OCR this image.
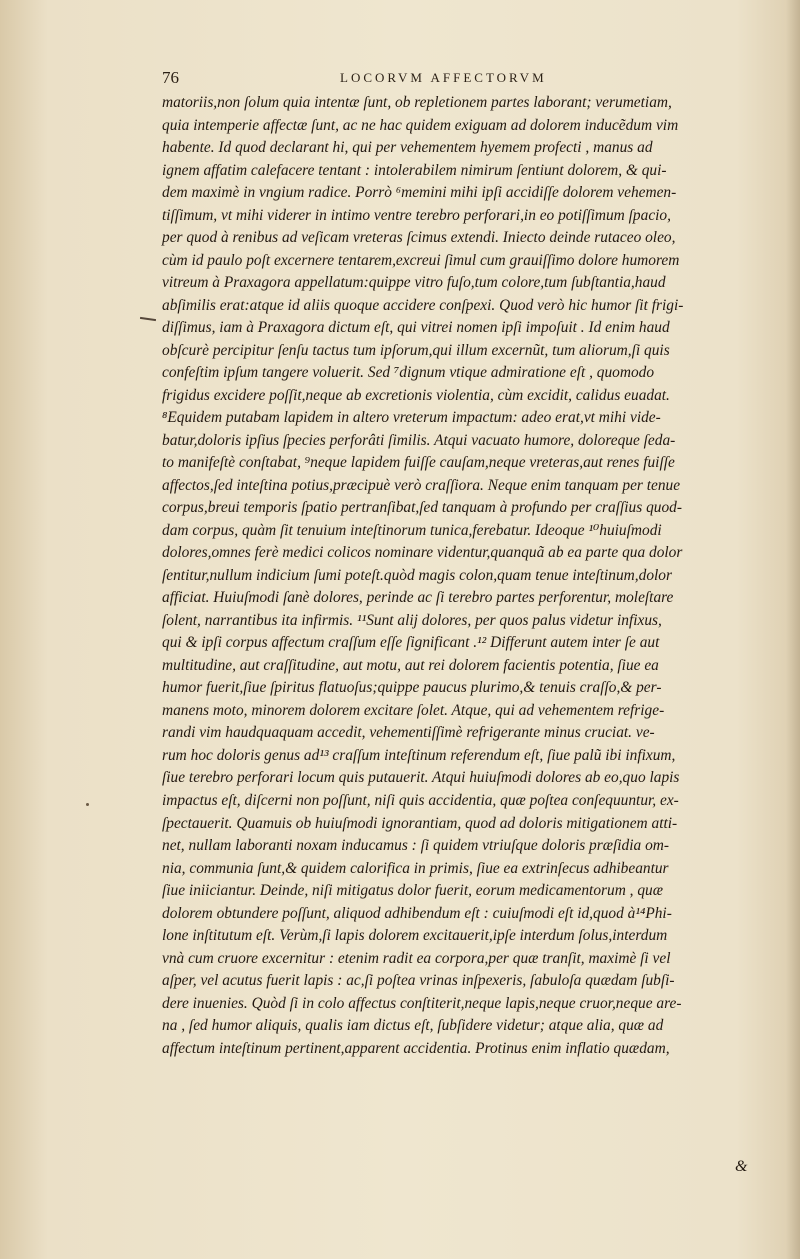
76	LOCORVM AFFECTORVM
matoriis,non ſolum quia intentæ ſunt, ob repletionem partes laborant; verumetiam,
quia intemperie affectæ ſunt, ac ne hac quidem exiguam ad dolorem inducẽdum vim
habente. Id quod declarant hi, qui per vehementem hyemem profecti , manus ad
ignem affatim calefacere tentant : intolerabilem nimirum ſentiunt dolorem, & qui-
dem maximè in vngium radice. Porrò ⁶memini mihi ipſi accidiſſe dolorem vehemen-
tiſſimum, vt mihi viderer in intimo ventre terebro perforari,in eo potiſſimum ſpacio,
per quod à renibus ad veſicam vreteras ſcimus extendi. Iniecto deinde rutaceo oleo,
cùm id paulo poſt excernere tentarem,excreui ſimul cum grauiſſimo dolore humorem
vitreum à Praxagora appellatum:quippe vitro fuſo,tum colore,tum ſubſtantia,haud
abſimilis erat:atque id aliis quoque accidere conſpexi. Quod verò hic humor ſit frigi-
diſſimus, iam à Praxagora dictum eſt, qui vitrei nomen ipſi impoſuit . Id enim haud
obſcurè percipitur ſenſu tactus tum ipſorum,qui illum excernũt, tum aliorum,ſi quis
confeſtim ipſum tangere voluerit. Sed ⁷dignum vtique admiratione eſt , quomodo
frigidus excidere poſſit,neque ab excretionis violentia, cùm excidit, calidus euadat.
⁸Equidem putabam lapidem in altero vreterum impactum: adeo erat,vt mihi vide-
batur,doloris ipſius ſpecies perforâti ſimilis. Atqui vacuato humore, doloreque ſeda-
to manifeſtè conſtabat, ⁹neque lapidem fuiſſe cauſam,neque vreteras,aut renes fuiſſe
affectos,ſed inteſtina potius,præcipuè verò craſſiora. Neque enim tanquam per tenue
corpus,breui temporis ſpatio pertranſibat,ſed tanquam à profundo per craſſius quod-
dam corpus, quàm ſit tenuium inteſtinorum tunica,ferebatur. Ideoque ¹⁰huiuſmodi
dolores,omnes ferè medici colicos nominare videntur,quanquã ab ea parte qua dolor
ſentitur,nullum indicium ſumi poteſt.quòd magis colon,quam tenue inteſtinum,dolor
afficiat. Huiuſmodi ſanè dolores, perinde ac ſi terebro partes perforentur, moleſtare
ſolent, narrantibus ita infirmis. ¹¹Sunt alij dolores, per quos palus videtur infixus,
qui & ipſi corpus affectum craſſum eſſe ſignificant .¹² Differunt autem inter ſe aut
multitudine, aut craſſitudine, aut motu, aut rei dolorem facientis potentia, ſiue ea
humor fuerit,ſiue ſpiritus flatuoſus;quippe paucus plurimo,& tenuis craſſo,& per-
manens moto, minorem dolorem excitare ſolet. Atque, qui ad vehementem refrige-
randi vim haudquaquam accedit, vehementiſſimè refrigerante minus cruciat. ve-
rum hoc doloris genus ad¹³ craſſum inteſtinum referendum eſt, ſiue palũ ibi infixum,
ſiue terebro perforari locum quis putauerit. Atqui huiuſmodi dolores ab eo,quo lapis
impactus eſt, diſcerni non poſſunt, niſi quis accidentia, quæ poſtea conſequuntur, ex-
ſpectauerit. Quamuis ob huiuſmodi ignorantiam, quod ad doloris mitigationem atti-
net, nullam laboranti noxam inducamus : ſi quidem vtriuſque doloris præſidia om-
nia, communia ſunt,& quidem calorifica in primis, ſiue ea extrinſecus adhibeantur
ſiue iniiciantur. Deinde, niſi mitigatus dolor fuerit, eorum medicamentorum , quæ
dolorem obtundere poſſunt, aliquod adhibendum eſt : cuiuſmodi eſt id,quod à¹⁴Phi-
lone inſtitutum eſt. Verùm,ſi lapis dolorem excitauerit,ipſe interdum ſolus,interdum
vnà cum cruore excernitur : etenim radit ea corpora,per quæ tranſit, maximè ſi vel
aſper, vel acutus fuerit lapis : ac,ſi poſtea vrinas inſpexeris, ſabuloſa quædam ſubſi-
dere inuenies. Quòd ſi in colo affectus conſtiterit,neque lapis,neque cruor,neque are-
na , ſed humor aliquis, qualis iam dictus eſt, ſubſidere videtur; atque alia, quæ ad
affectum inteſtinum pertinent,apparent accidentia. Protinus enim inflatio quædam,
&
